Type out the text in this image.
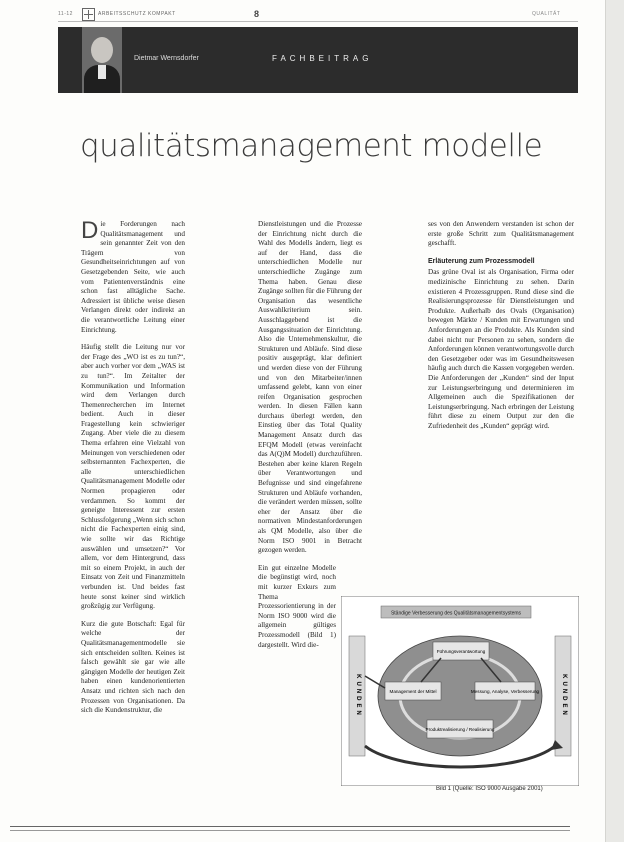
11-12	ARBEITSSCHUTZ KOMPAKT	8	QUALITÄT
Dietmar Wernsdorfer	FACHBEITRAG
qualitätsmanagement modelle

Die Forderungen nach Qualitätsmanagement und sein genannter Zeit von den Trägern von Gesundheitseinrichtungen auf von Gesetzgebenden Seite, wie auch vom Patientenverständnis eine schon fast alltägliche Sache. Adressiert ist übliche weise diesen Verlangen direkt oder indirekt an die verantwortliche Leitung einer Einrichtung.

Häufig stellt die Leitung nur vor der Frage des „WO ist es zu tun?“, aber auch vorher vor dem „WAS ist zu tun?“. Im Zeitalter der Kommunikation und Information wird dem Verlangen durch Themenrecherchen im Internet bedient. Auch in dieser Fragestellung kein schwieriger Zugang. Aber viele die zu diesem Thema erfahren eine Vielzahl von Meinungen von verschiedenen oder selbsternannten Fachexperten, die alle unterschiedlichen Qualitätsmanagement Modelle oder Normen propagieren oder verdammen. So kommt der geneigte Interessent zur ersten Schlussfolgerung „Wenn sich schon nicht die Fachexperten einig sind, wie sollte wir das Richtige auswählen und umsetzen?“ Vor allem, vor dem Hintergrund, dass mit so einem Projekt, in auch der Einsatz von Zeit und Finanzmitteln verbunden ist. Und beides fast heute sonst keiner sind wirklich großzügig zur Verfügung.

Kurz die gute Botschaft: Egal für welche der Qualitätsmanagementmodelle sie sich entscheiden sollten. Keines ist falsch gewählt sie gar wie alle gängigen Modelle der heutigen Zeit haben einen kundenorientierten Ansatz und richten sich nach den Prozessen von Organisationen. Da sich die Kundenstruktur, die

Dienstleistungen und die Prozesse der Einrichtung nicht durch die Wahl des Modells ändern, liegt es auf der Hand, dass die unterschiedlichen Modelle nur unterschiedliche Zugänge zum Thema haben. Genau diese Zugänge sollten für die Führung der Organisation das wesentliche Auswahlkriterium sein. Ausschlaggebend ist die Ausgangssituation der Einrichtung. Also die Unternehmenskultur, die Strukturen und Abläufe. Sind diese positiv ausgeprägt, klar definiert und werden diese von der Führung und von den Mitarbeiter/innen umfassend gelebt, kann von einer reifen Organisation gesprochen werden. In diesen Fällen kann durchaus überlegt werden, den Einstieg über das Total Quality Management Ansatz durch das EFQM Modell (etwas vereinfacht das A(Q)M Modell) durchzuführen. Bestehen aber keine klaren Regeln über Verantwortungen und Befugnisse und sind eingefahrene Strukturen und Abläufe vorhanden, die verändert werden müssen, sollte eher der Ansatz über die normativen Mindestanforderungen als QM Modelle, also über die Norm ISO 9001 in Betracht gezogen werden.

Ein gut einzelne Modelle die begünstigt wird, noch mit kurzer Exkurs zum Thema Prozessorientierung in der Norm ISO 9000 wird die allgemein gültiges Prozessmodell (Bild 1) dargestellt. Wird die-

ses von den Anwendern verstanden ist schon der erste große Schritt zum Qualitätsmanagement geschafft.

Erläuterung zum Prozessmodell

Das grüne Oval ist als Organisation, Firma oder medizinische Einrichtung zu sehen. Darin existieren 4 Prozessgruppen. Rund diese sind die Realisierungsprozesse für Dienstleistungen und Produkte. Außerhalb des Ovals (Organisation) bewegen Märkte / Kunden mit Erwartungen und Anforderungen an die Produkte. Als Kunden sind dabei nicht nur Personen zu sehen, sondern die Anforderungen können verantwortungsvolle durch den Gesetzgeber oder was im Gesundheitswesen häufig auch durch die Kassen vorgegeben werden. Die Anforderungen der „Kunden“ sind der Input zur Leistungserbringung und determinieren im Allgemeinen auch die Spezifikationen der Leistungserbringung. Nach erbringen der Leistung führt diese zu einem Output zur den die Zufriedenheit des „Kunden“ geprägt wird.

Ständige Verbesserung des Qualitätsmanagementsystems
KUNDEN	KUNDEN
Führungsverantwortung
Management der Mittel	Messung, Analyse, Verbesserung
Produktrealisierung / Realisierung
Bild 1 (Quelle: ISO 9000 Ausgabe 2001)
